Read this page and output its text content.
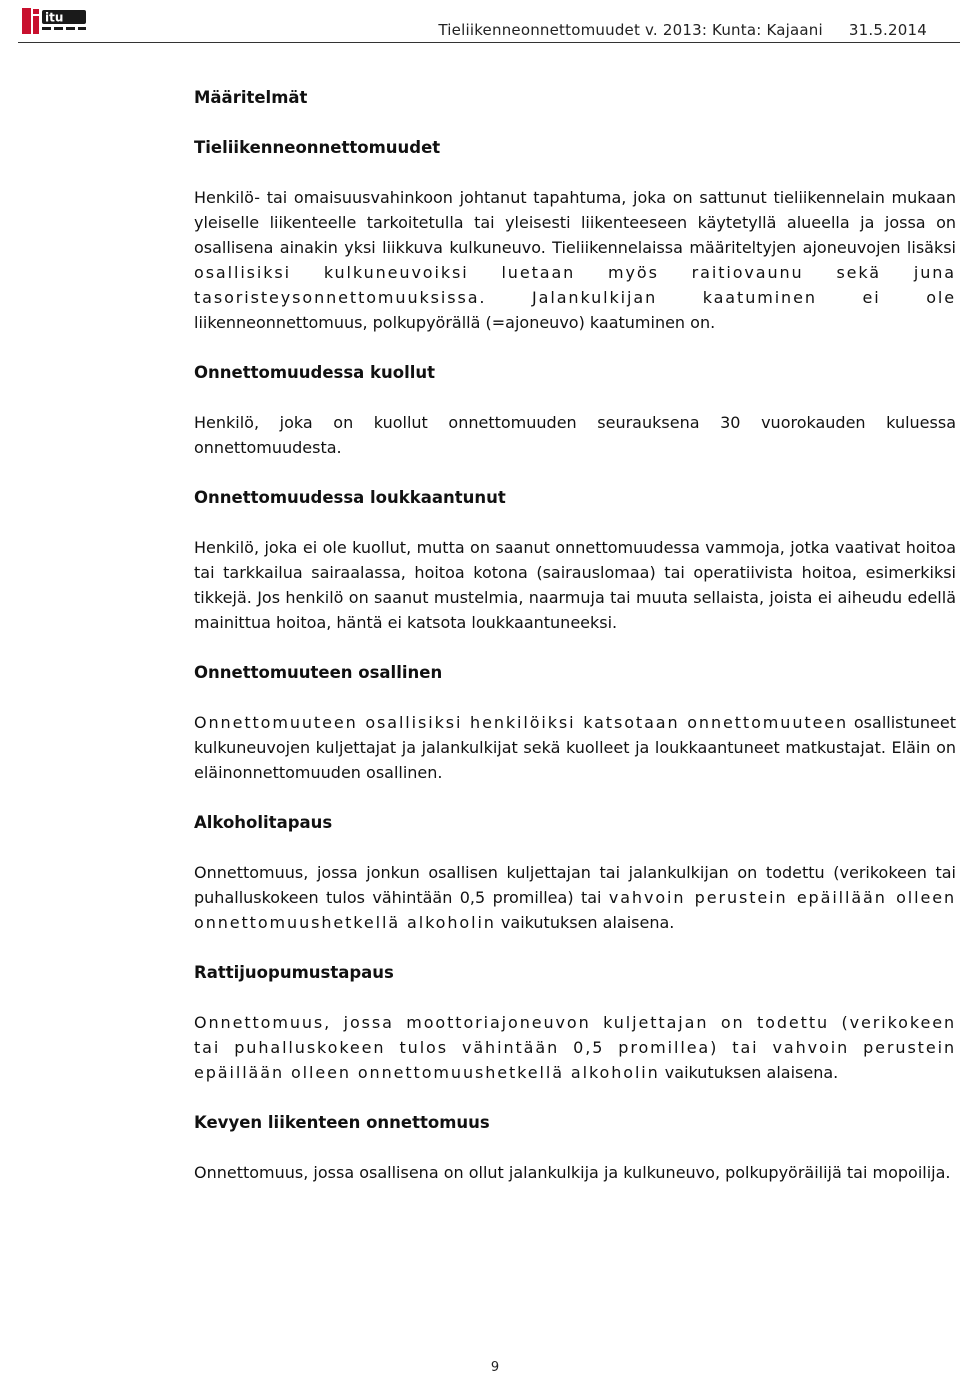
itu
Tieliikenneonnettomuudet v. 2013: Kunta: Kajaani 31.5.2014
Määritelmät
Tieliikenneonnettomuudet

Henkilö- tai omaisuusvahinkoon johtanut tapahtuma, joka on sattunut tieliikennelain mukaan yleiselle liikenteelle tarkoitetulla tai yleisesti liikenteeseen käytetyllä alueella ja jossa on osallisena ainakin yksi liikkuva kulkuneuvo. Tieliikennelaissa määriteltyjen ajoneuvojen lisäksi osallisiksi kulkuneuvoiksi luetaan myös raitiovaunu sekä juna tasoristeysonnettomuuksissa. Jalankulkijan kaatuminen ei ole liikenneonnettomuus, polkupyörällä (=ajoneuvo) kaatuminen on.

Onnettomuudessa kuollut

Henkilö, joka on kuollut onnettomuuden seurauksena 30 vuorokauden kuluessa onnettomuudesta.

Onnettomuudessa loukkaantunut

Henkilö, joka ei ole kuollut, mutta on saanut onnettomuudessa vammoja, jotka vaativat hoitoa tai tarkkailua sairaalassa, hoitoa kotona (sairauslomaa) tai operatiivista hoitoa, esimerkiksi tikkejä. Jos henkilö on saanut mustelmia, naarmuja tai muuta sellaista, joista ei aiheudu edellä mainittua hoitoa, häntä ei katsota loukkaantuneeksi.

Onnettomuuteen osallinen

Onnettomuuteen osallisiksi henkilöiksi katsotaan onnettomuuteen osallistuneet kulkuneuvojen kuljettajat ja jalankulkijat sekä kuolleet ja loukkaantuneet matkustajat. Eläin on eläinonnettomuuden osallinen.

Alkoholitapaus

Onnettomuus, jossa jonkun osallisen kuljettajan tai jalankulkijan on todettu (verikokeen tai puhalluskokeen tulos vähintään 0,5 promillea) tai vahvoin perustein epäillään olleen onnettomuushetkellä alkoholin vaikutuksen alaisena.

Rattijuopumustapaus

Onnettomuus, jossa moottoriajoneuvon kuljettajan on todettu (verikokeen tai puhalluskokeen tulos vähintään 0,5 promillea) tai vahvoin perustein epäillään olleen onnettomuushetkellä alkoholin vaikutuksen alaisena.

Kevyen liikenteen onnettomuus

Onnettomuus, jossa osallisena on ollut jalankulkija ja kulkuneuvo, polkupyöräilijä tai mopoilija.

9
